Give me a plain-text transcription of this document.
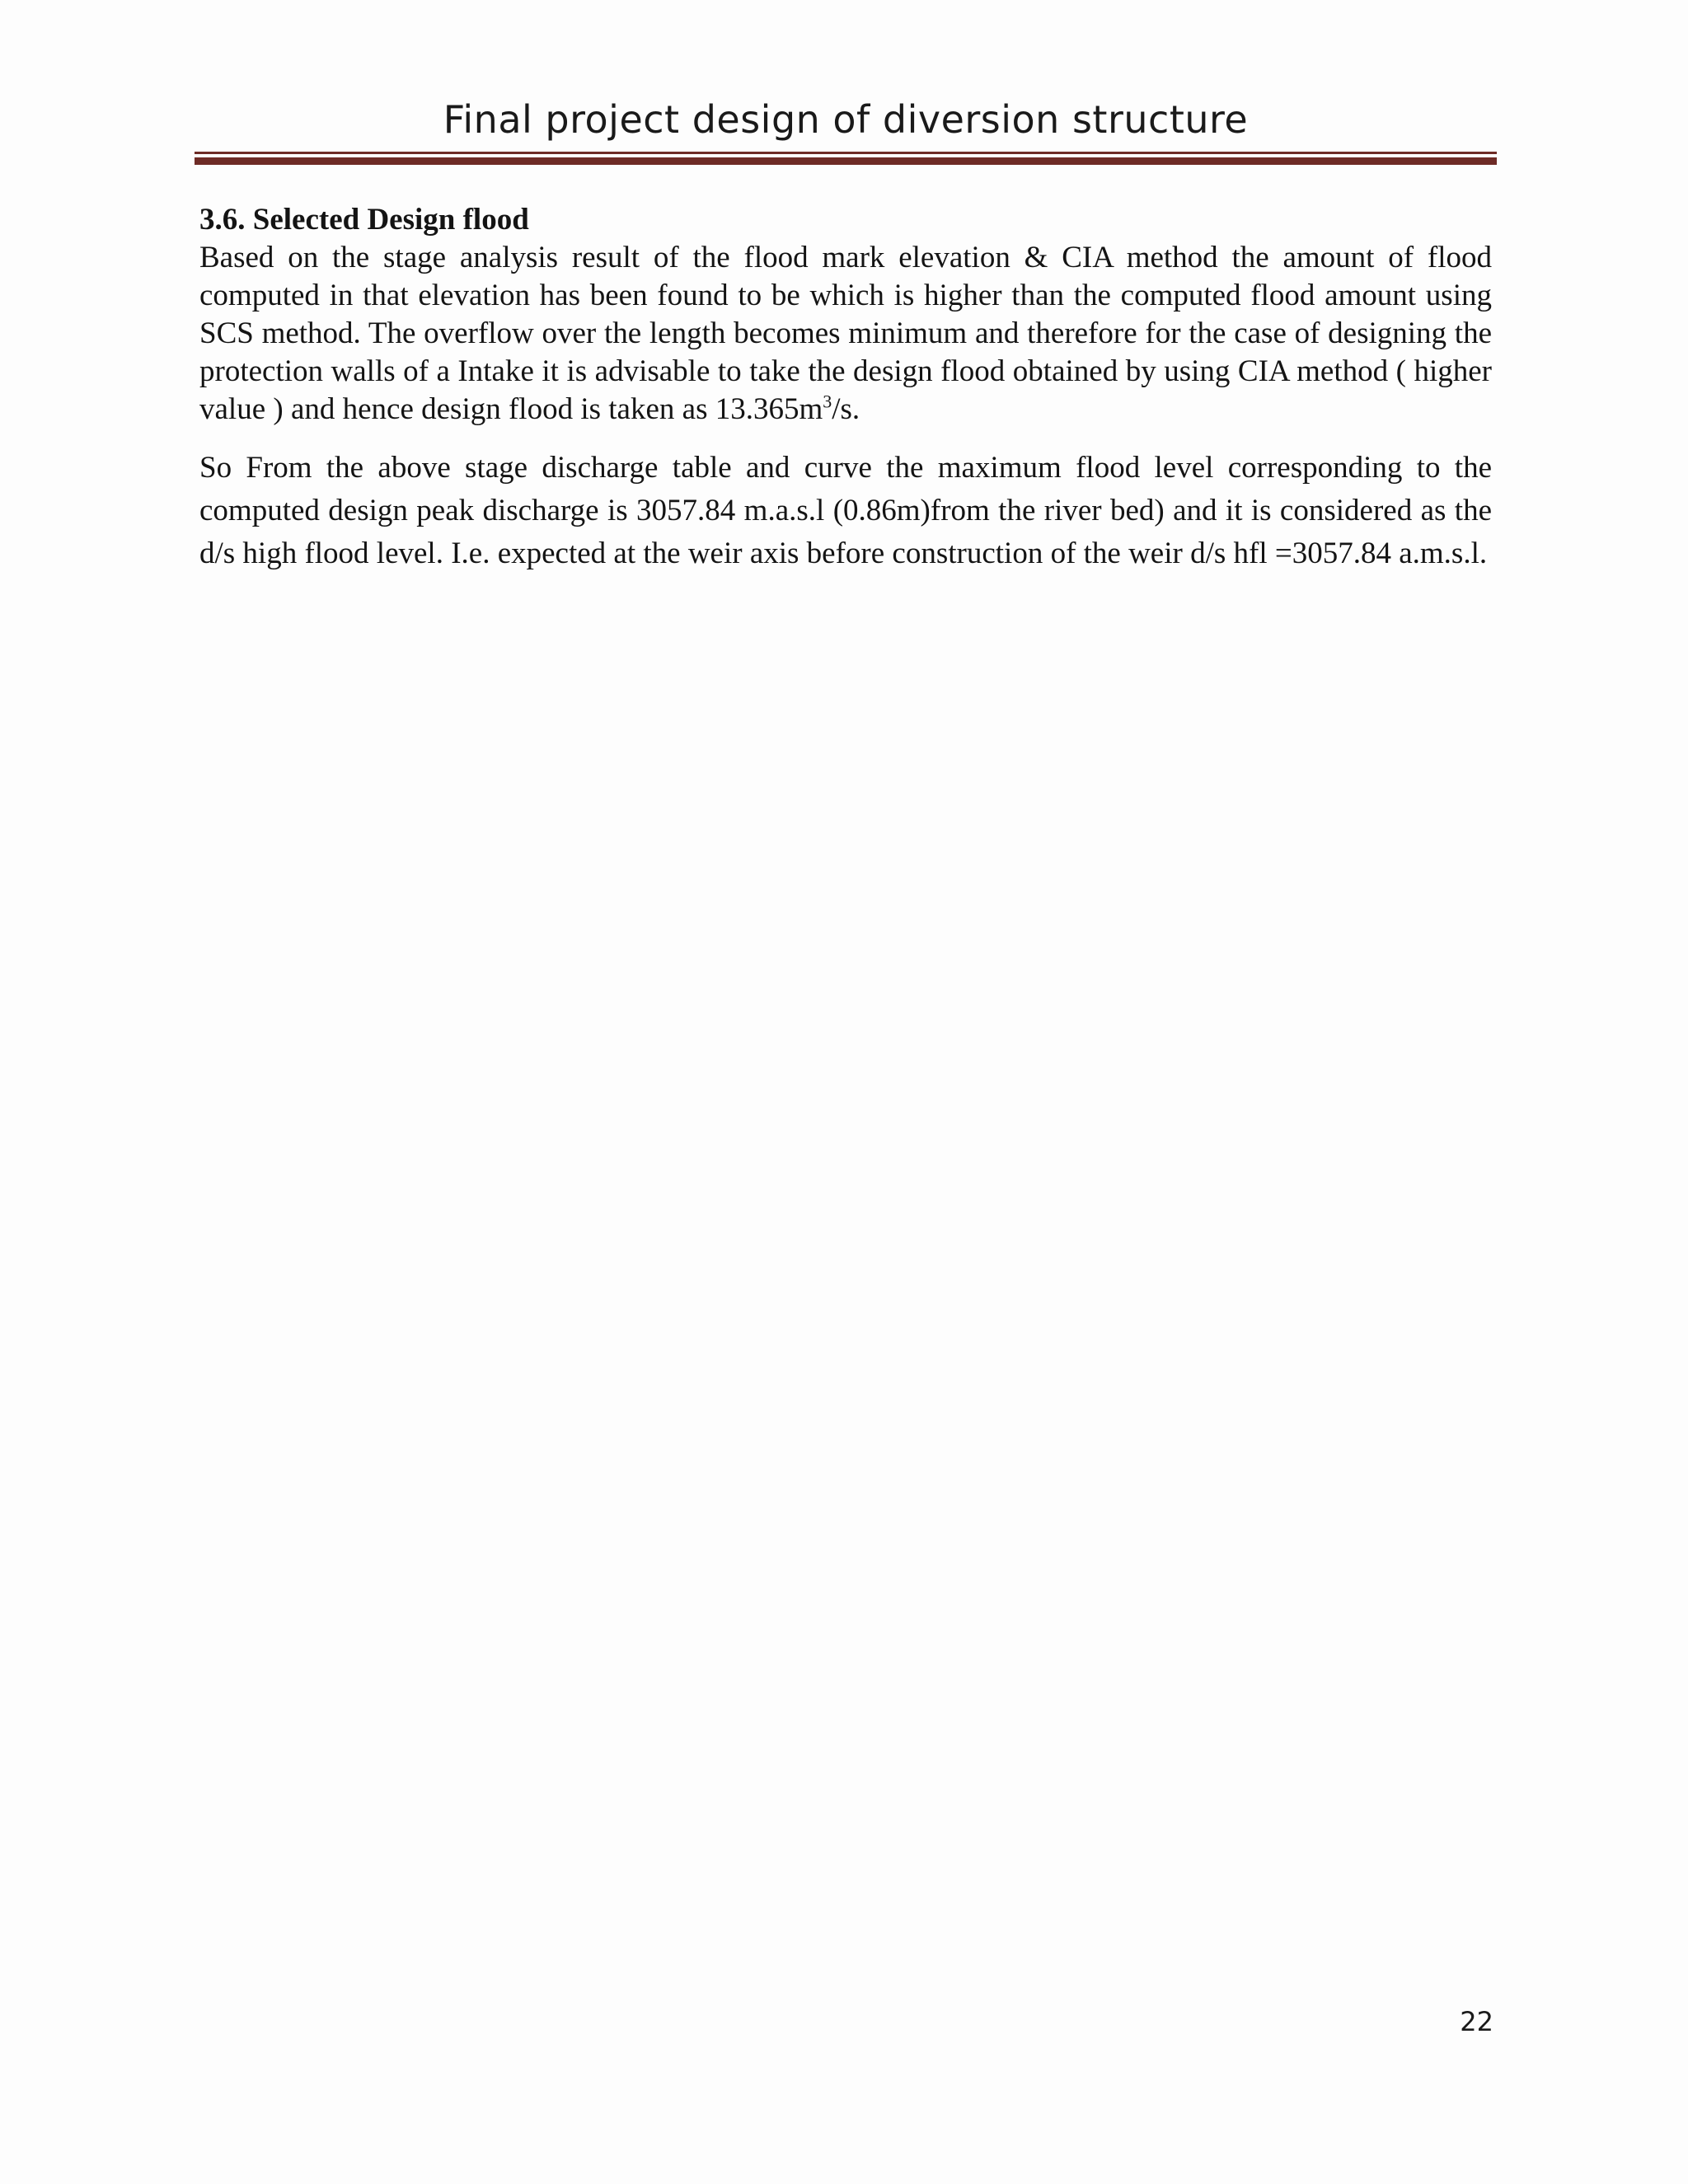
Final project design of diversion structure
3.6. Selected Design flood

Based on the stage analysis result of the flood mark elevation & CIA method the amount of flood computed in that elevation has been found to be which is higher than the computed flood amount using SCS method. The overflow over the length becomes minimum and therefore for the case of designing the protection walls of a Intake it is advisable to take the design flood obtained by using CIA method ( higher value ) and hence design flood is taken as $13.365m^3/s$.

So From the above stage discharge table and curve the maximum flood level corresponding to the computed design peak discharge is 3057.84 m.a.s.l (0.86m)from the river bed) and it is considered as the d/s high flood level. I.e. expected at the weir axis before construction of the weir d/s hfl =3057.84 a.m.s.l.

22
